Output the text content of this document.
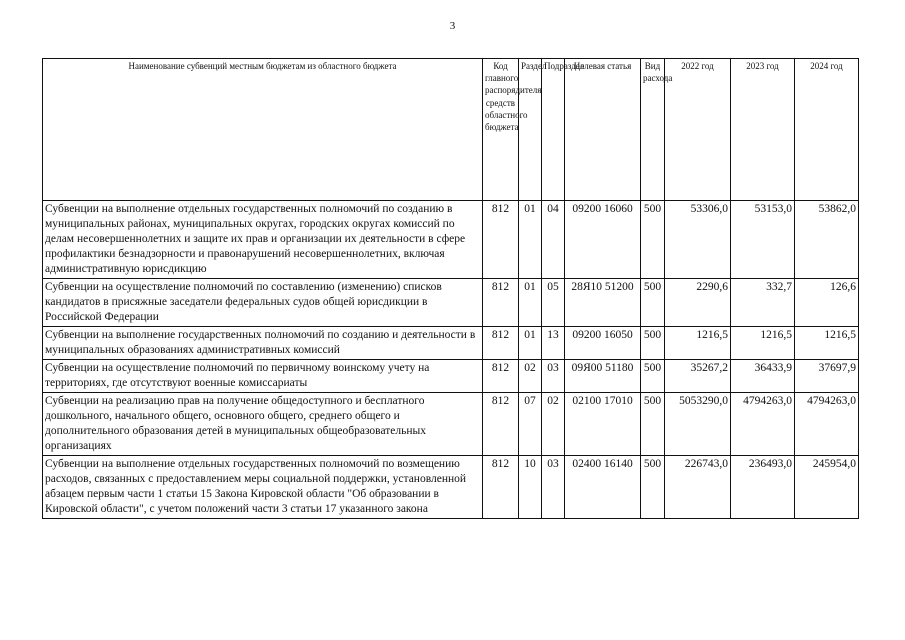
3
Наименование субвенций местным бюджетам из областного бюджета	Код главного распорядителя средств областного бюджета	Раздел	Подраздел	Целевая статья	Вид расхода	2022 год	2023 год	2024 год
Субвенции на выполнение отдельных государственных полномочий по созданию в муниципальных районах, муниципальных округах, городских округах комиссий по делам несовершеннолетних и защите их прав и организации их деятельности в сфере профилактики безнадзорности и правонарушений несовершеннолетних, включая административную юрисдикцию	812	01	04	09200 16060	500	53306,0	53153,0	53862,0
Субвенции на осуществление полномочий по составлению (изменению) списков кандидатов в присяжные заседатели федеральных судов общей юрисдикции в Российской Федерации	812	01	05	28Я10 51200	500	2290,6	332,7	126,6
Субвенции на выполнение государственных полномочий по созданию и деятельности в муниципальных образованиях административных комиссий	812	01	13	09200 16050	500	1216,5	1216,5	1216,5
Субвенции на осуществление полномочий по первичному воинскому учету на территориях, где отсутствуют военные комиссариаты	812	02	03	09Я00 51180	500	35267,2	36433,9	37697,9
Субвенции на реализацию прав на получение общедоступного и бесплатного дошкольного, начального общего, основного общего, среднего общего и дополнительного образования детей в муниципальных общеобразовательных организациях	812	07	02	02100 17010	500	5053290,0	4794263,0	4794263,0
Субвенции на выполнение отдельных государственных полномочий по возмещению расходов, связанных с предоставлением меры социальной поддержки, установленной абзацем первым части 1 статьи 15 Закона Кировской области "Об образовании в Кировской области", с учетом положений части 3 статьи 17 указанного закона	812	10	03	02400 16140	500	226743,0	236493,0	245954,0
